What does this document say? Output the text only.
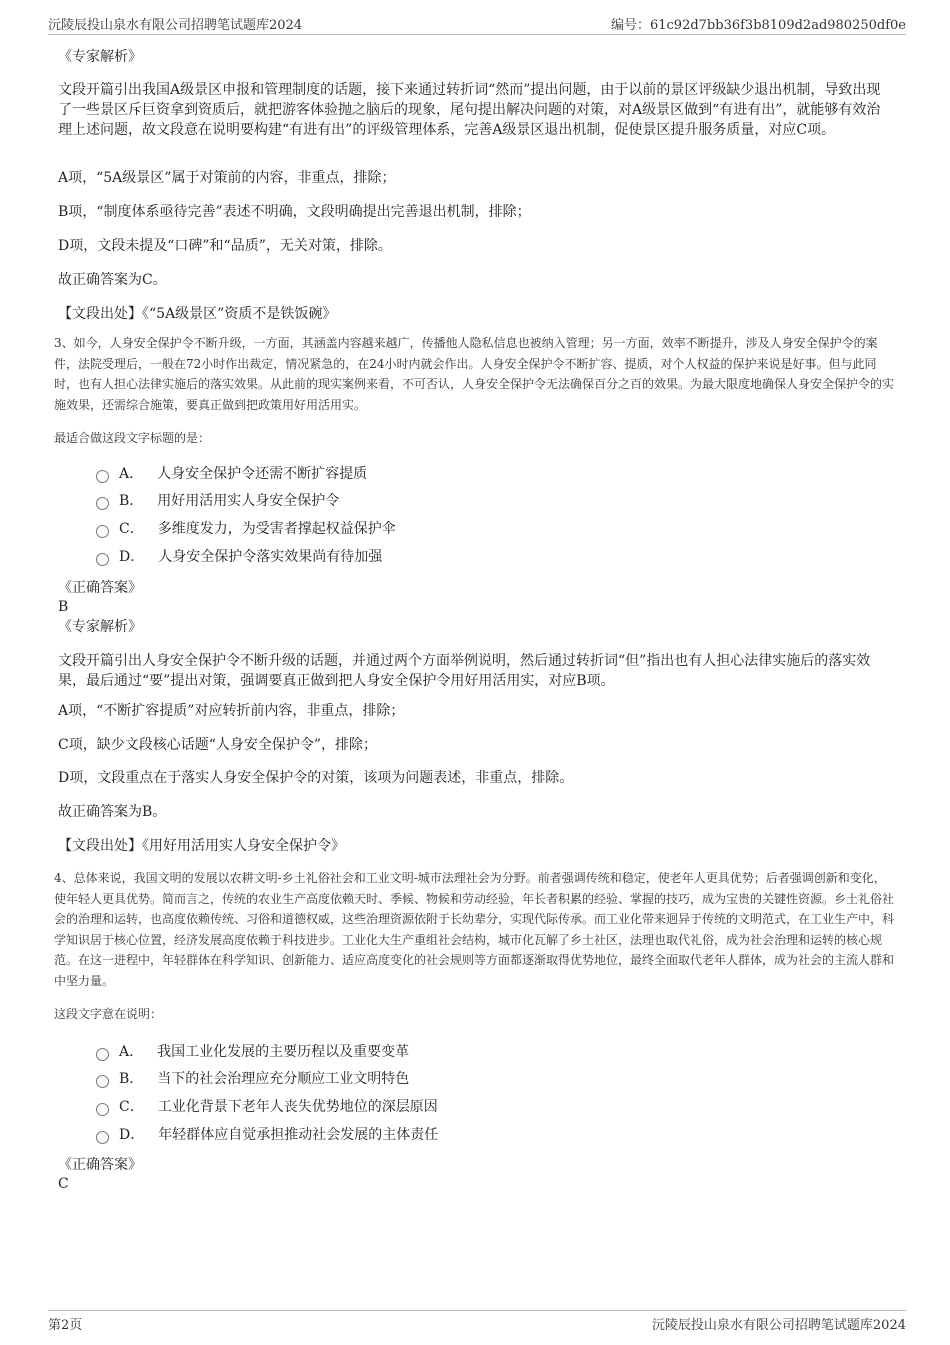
沅陵辰投山泉水有限公司招聘笔试题库2024	编号：61c92d7bb36f3b8109d2ad980250df0e

《专家解析》

文段开篇引出我国A级景区申报和管理制度的话题，接下来通过转折词“然而”提出问题，由于以前的景区评级缺少退出机制，导致出现了一些景区斥巨资拿到资质后，就把游客体验抛之脑后的现象，尾句提出解决问题的对策，对A级景区做到“有进有出”，就能够有效治理上述问题，故文段意在说明要构建“有进有出”的评级管理体系，完善A级景区退出机制，促使景区提升服务质量，对应C项。

A项，“5A级景区”属于对策前的内容，非重点，排除；

B项，“制度体系亟待完善”表述不明确，文段明确提出完善退出机制，排除；

D项，文段未提及“口碑”和“品质”，无关对策，排除。

故正确答案为C。

【文段出处】《“5A级景区”资质不是铁饭碗》

3、如今，人身安全保护令不断升级，一方面，其涵盖内容越来越广，传播他人隐私信息也被纳入管理；另一方面，效率不断提升，涉及人身安全保护令的案件，法院受理后，一般在72小时作出裁定，情况紧急的，在24小时内就会作出。人身安全保护令不断扩容、提质，对个人权益的保护来说是好事。但与此同时，也有人担心法律实施后的落实效果。从此前的现实案例来看，不可否认，人身安全保护令无法确保百分之百的效果。为最大限度地确保人身安全保护令的实施效果，还需综合施策，要真正做到把政策用好用活用实。

最适合做这段文字标题的是：

A． 人身安全保护令还需不断扩容提质
B． 用好用活用实人身安全保护令
C． 多维度发力，为受害者撑起权益保护伞
D． 人身安全保护令落实效果尚有待加强

《正确答案》

B

《专家解析》

文段开篇引出人身安全保护令不断升级的话题，并通过两个方面举例说明，然后通过转折词“但”指出也有人担心法律实施后的落实效果，最后通过“要”提出对策，强调要真正做到把人身安全保护令用好用活用实，对应B项。

A项，“不断扩容提质”对应转折前内容，非重点，排除；

C项，缺少文段核心话题“人身安全保护令”，排除；

D项，文段重点在于落实人身安全保护令的对策，该项为问题表述，非重点，排除。

故正确答案为B。

【文段出处】《用好用活用实人身安全保护令》

4、总体来说，我国文明的发展以农耕文明-乡土礼俗社会和工业文明-城市法理社会为分野。前者强调传统和稳定，使老年人更具优势；后者强调创新和变化，使年轻人更具优势。简而言之，传统的农业生产高度依赖天时、季候、物候和劳动经验，年长者积累的经验、掌握的技巧，成为宝贵的关键性资源。乡土礼俗社会的治理和运转，也高度依赖传统、习俗和道德权威，这些治理资源依附于长幼辈分，实现代际传承。而工业化带来迥异于传统的文明范式，在工业生产中，科学知识居于核心位置，经济发展高度依赖于科技进步。工业化大生产重组社会结构，城市化瓦解了乡土社区，法理也取代礼俗，成为社会治理和运转的核心规范。在这一进程中，年轻群体在科学知识、创新能力、适应高度变化的社会规则等方面都逐渐取得优势地位，最终全面取代老年人群体，成为社会的主流人群和中坚力量。

这段文字意在说明：

A． 我国工业化发展的主要历程以及重要变革
B． 当下的社会治理应充分顺应工业文明特色
C． 工业化背景下老年人丧失优势地位的深层原因
D． 年轻群体应自觉承担推动社会发展的主体责任

《正确答案》

C

第2页	沅陵辰投山泉水有限公司招聘笔试题库2024
